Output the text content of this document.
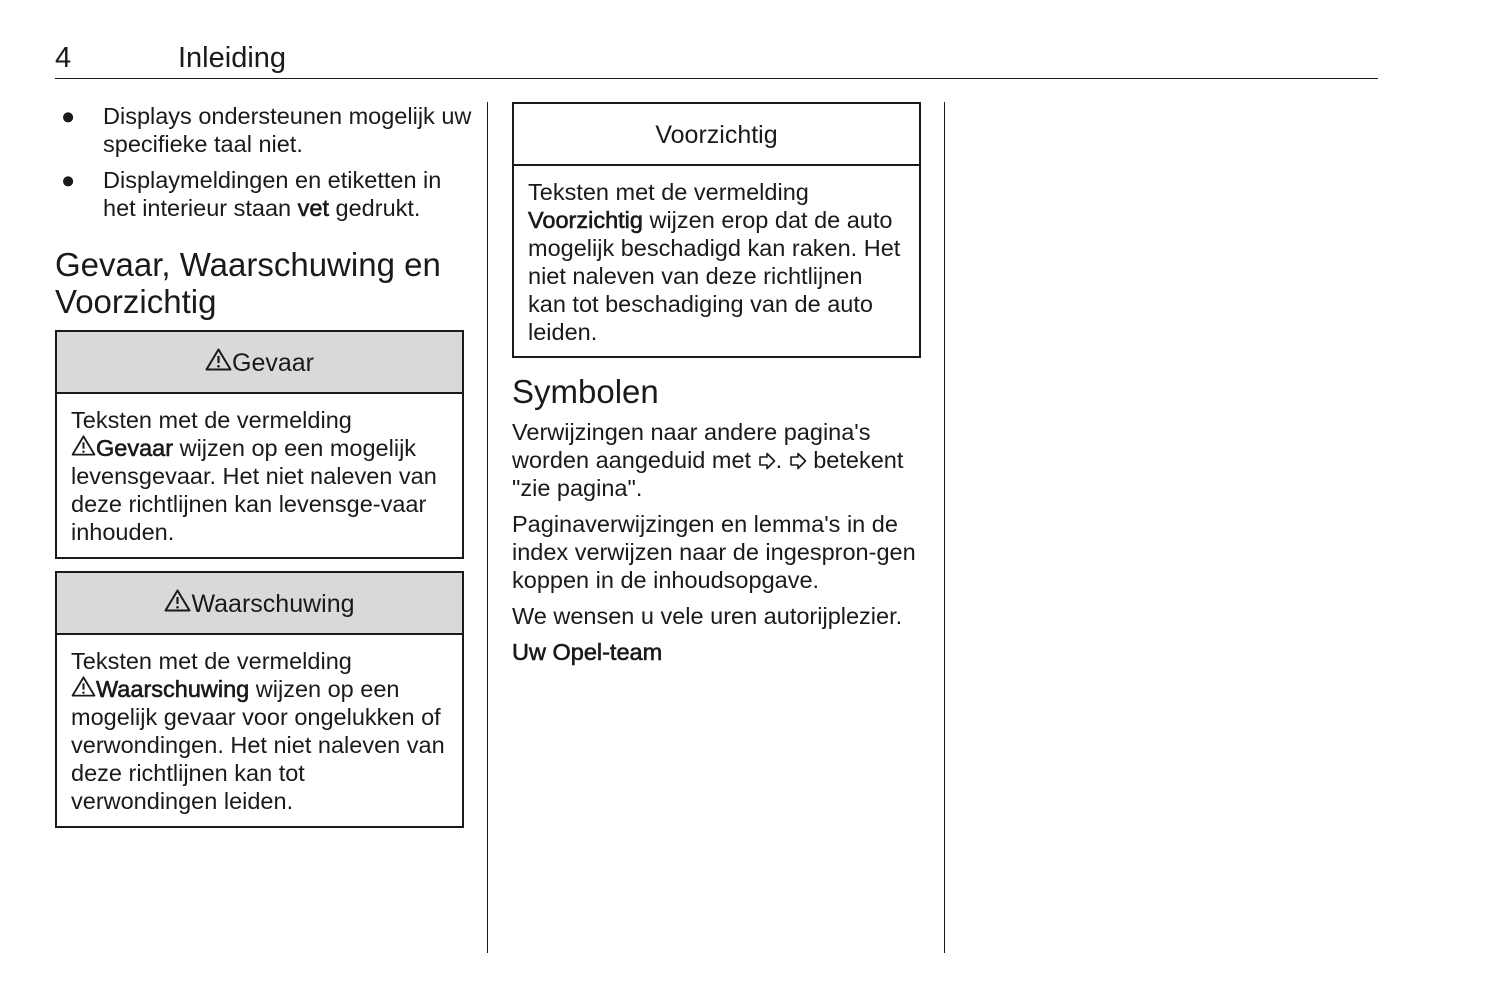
4	Inleiding
● Displays ondersteunen mogelijk uw specifieke taal niet.
● Displaymeldingen en etiketten in het interieur staan vet gedrukt.
Gevaar, Waarschuwing en Voorzichtig
Gevaar
Teksten met de vermelding

Gevaar wijzen op een mogelijk levensgevaar. Het niet naleven van deze richtlijnen kan levensge-vaar inhouden.
Waarschuwing
Teksten met de vermelding

Waarschuwing wijzen op een mogelijk gevaar voor ongelukken of verwondingen. Het niet naleven van deze richtlijnen kan tot verwondingen leiden.
Voorzichtig
Teksten met de vermelding
Voorzichtig wijzen erop dat de auto mogelijk beschadigd kan raken. Het niet naleven van deze richtlijnen kan tot beschadiging van de auto leiden.
Symbolen

Verwijzingen naar andere pagina's worden aangeduid met .  betekent "zie pagina".

Paginaverwijzingen en lemma's in de index verwijzen naar de ingespron-gen koppen in de inhoudsopgave.

We wensen u vele uren autorijplezier.

Uw Opel-team
